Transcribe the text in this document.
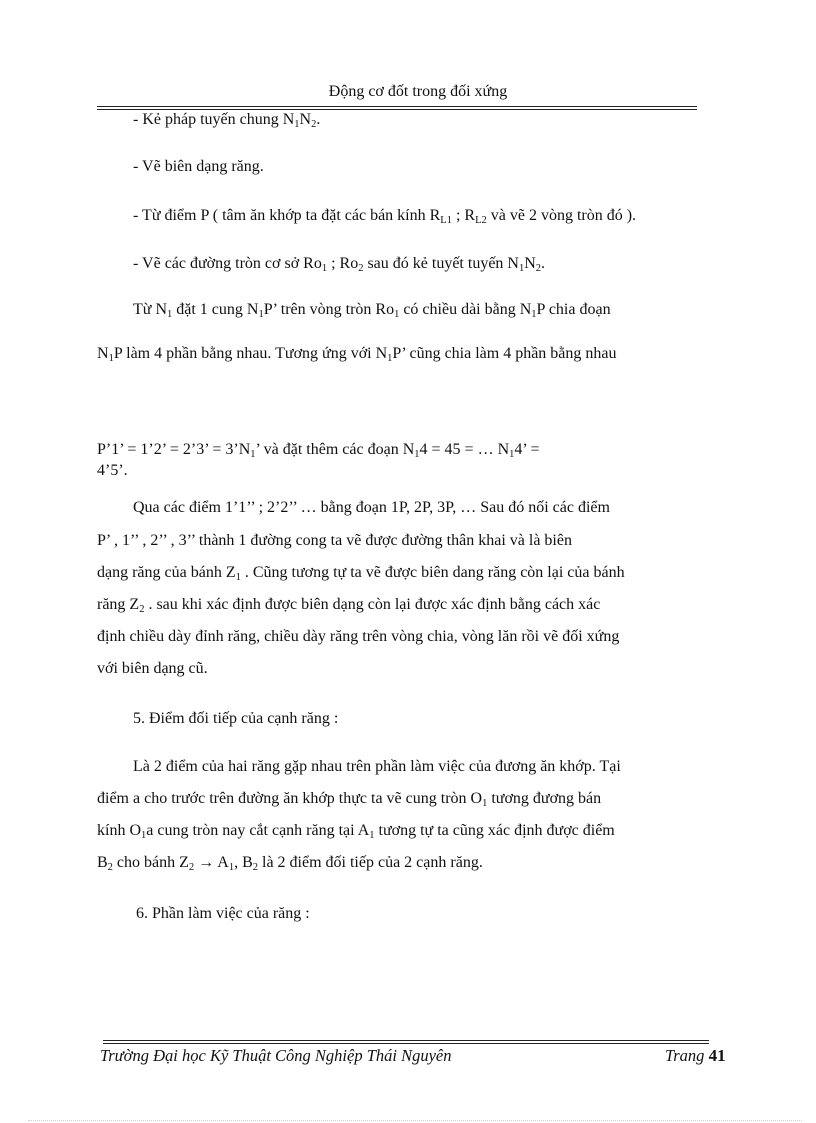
Động cơ đốt trong đối xứng
- Kẻ pháp tuyến chung $N_1N_2$.
- Vẽ biên dạng răng.
- Từ điểm P ( tâm ăn khớp ta đặt các bán kính $R_{L1}$ ; $R_{L2}$ và vẽ 2 vòng tròn đó ).
- Vẽ các đường tròn cơ sở $Ro_1$ ; $Ro_2$ sau đó kẻ tuyết tuyến $N_1N_2$.
Từ $N_1$ đặt 1 cung $N_1P$’ trên vòng tròn $Ro_1$ có chiều dài bằng $N_1P$ chia đoạn
$N_1P$ làm 4 phần bằng nhau. Tương ứng với $N_1P$’ cũng chia làm 4 phần bằng nhau
P’1’ = 1’2’ = 2’3’ = $3’N_1$’ và đặt thêm các đoạn $N_14 = 45$ = … $N_14$’ =
4’5’.
Qua các điểm 1’1’’ ; 2’2’’ … bằng đoạn 1P, 2P, 3P, … Sau đó nối các điểm
P’ , 1’’ , 2’’ , 3’’ thành 1 đường cong ta vẽ được đường thân khai và là biên
dạng răng của bánh $Z_1$ . Cũng tương tự ta vẽ được biên dang răng còn lại của bánh
răng $Z_2$ . sau khi xác định được biên dạng còn lại được xác định bằng cách xác
định chiều dày đỉnh răng, chiều dày răng trên vòng chia, vòng lăn rồi vẽ đối xứng
với biên dạng cũ.
5. Điểm đối tiếp của cạnh răng :
Là 2 điểm của hai răng gặp nhau trên phần làm việc của đương ăn khớp. Tại
điểm a cho trước trên đường ăn khớp thực ta vẽ cung tròn $O_1$ tương đương bán
kính $O_1a$ cung tròn nay cắt cạnh răng tại $A_1$ tương tự ta cũng xác định được điểm
$B_2$ cho bánh $Z_2 \to A_1$, $B_2$ là 2 điểm đối tiếp của 2 cạnh răng.
6. Phần làm việc của răng :
Trường Đại học Kỹ Thuật Công Nghiệp Thái Nguyên	Trang 41
